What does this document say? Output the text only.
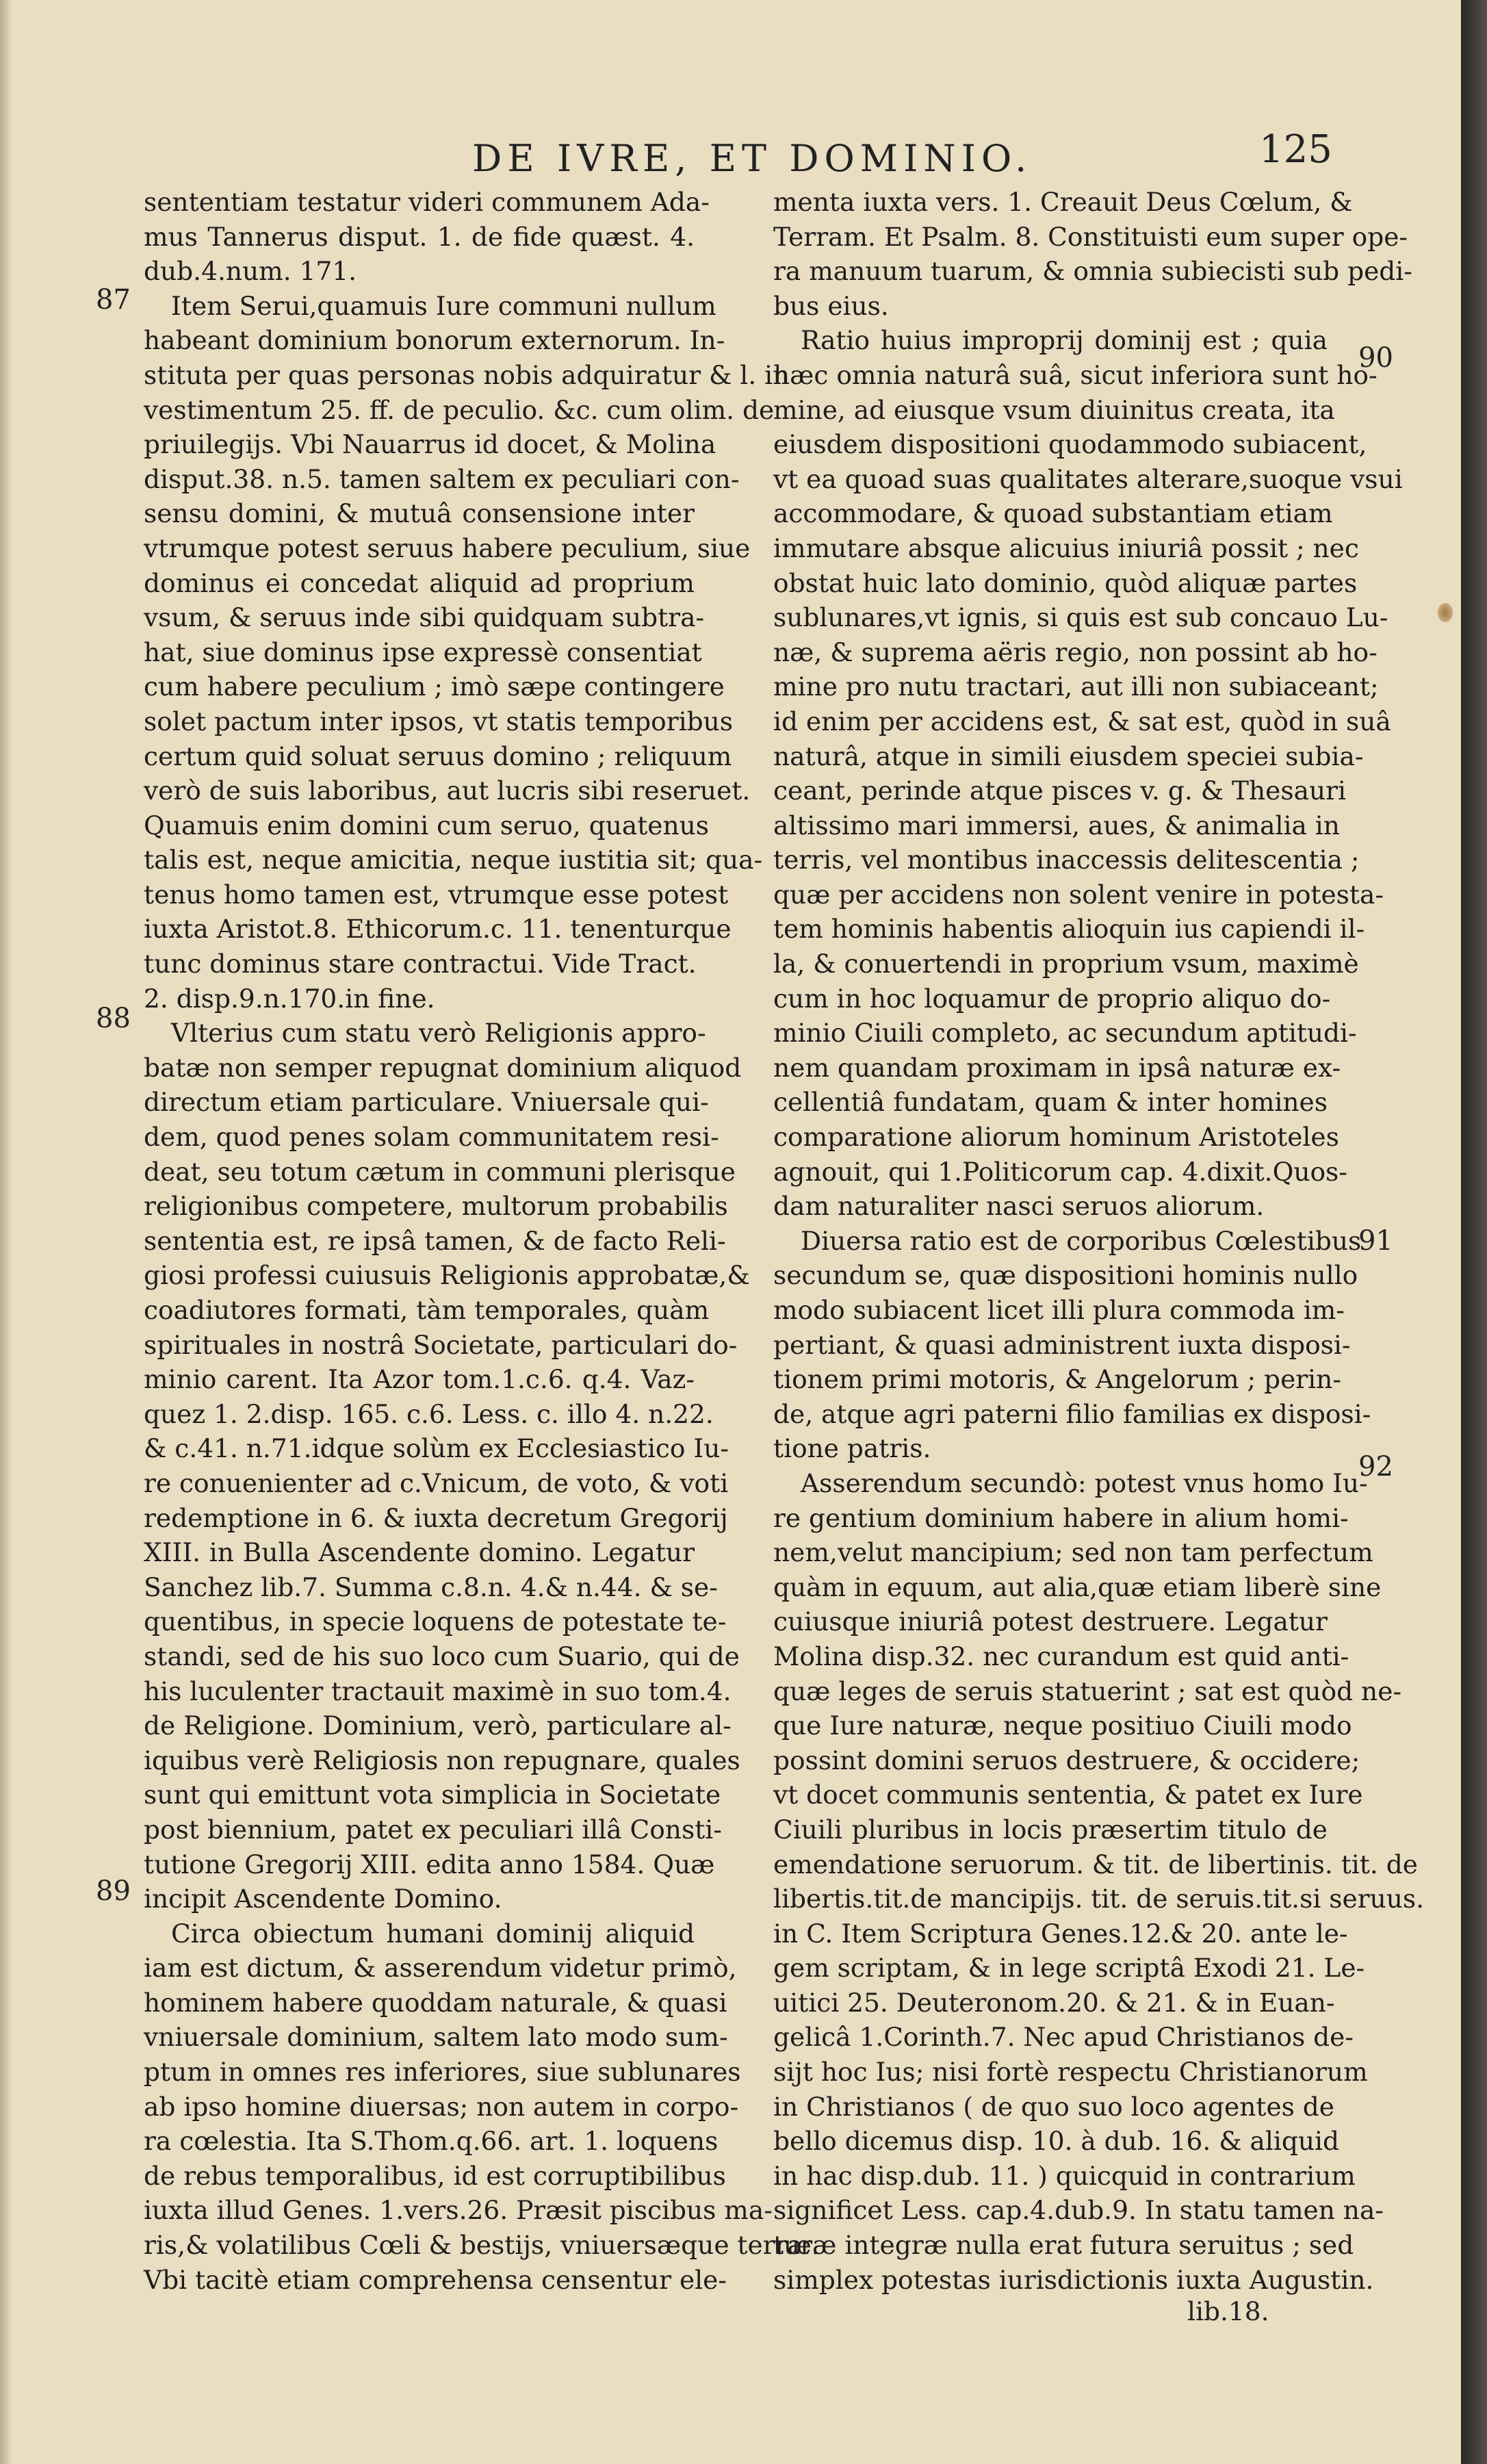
DE IVRE, ET DOMINIO.	125
87
88
89
90
91
92
sententiam testatur videri communem Ada-
mus Tannerus disput. 1. de fide quæst. 4.
dub.4.num. 171.
Item Serui,quamuis Iure communi nullum
habeant dominium bonorum externorum. In-
stituta per quas personas nobis adquiratur & l. in
vestimentum 25. ff. de peculio. &c. cum olim. de
priuilegijs. Vbi Nauarrus id docet, & Molina
disput.38. n.5. tamen saltem ex peculiari con-
sensu domini, & mutuâ consensione inter
vtrumque potest seruus habere peculium, siue
dominus ei concedat aliquid ad proprium
vsum, & seruus inde sibi quidquam subtra-
hat, siue dominus ipse expressè consentiat
cum habere peculium ; imò sæpe contingere
solet pactum inter ipsos, vt statis temporibus
certum quid soluat seruus domino ; reliquum
verò de suis laboribus, aut lucris sibi reseruet.
Quamuis enim domini cum seruo, quatenus
talis est, neque amicitia, neque iustitia sit; qua-
tenus homo tamen est, vtrumque esse potest
iuxta Aristot.8. Ethicorum.c. 11. tenenturque
tunc dominus stare contractui. Vide Tract.
2. disp.9.n.170.in fine.
Vlterius cum statu verò Religionis appro-
batæ non semper repugnat dominium aliquod
directum etiam particulare. Vniuersale qui-
dem, quod penes solam communitatem resi-
deat, seu totum cætum in communi plerisque
religionibus competere, multorum probabilis
sententia est, re ipsâ tamen, & de facto Reli-
giosi professi cuiusuis Religionis approbatæ,&
coadiutores formati, tàm temporales, quàm
spirituales in nostrâ Societate, particulari do-
minio carent. Ita Azor tom.1.c.6. q.4. Vaz-
quez 1. 2.disp. 165. c.6. Less. c. illo 4. n.22.
& c.41. n.71.idque solùm ex Ecclesiastico Iu-
re conuenienter ad c.Vnicum, de voto, & voti
redemptione in 6. & iuxta decretum Gregorij
XIII. in Bulla Ascendente domino. Legatur
Sanchez lib.7. Summa c.8.n. 4.& n.44. & se-
quentibus, in specie loquens de potestate te-
standi, sed de his suo loco cum Suario, qui de
his luculenter tractauit maximè in suo tom.4.
de Religione. Dominium, verò, particulare al-
iquibus verè Religiosis non repugnare, quales
sunt qui emittunt vota simplicia in Societate
post biennium, patet ex peculiari illâ Consti-
tutione Gregorij XIII. edita anno 1584. Quæ
incipit Ascendente Domino.
Circa obiectum humani dominij aliquid
iam est dictum, & asserendum videtur primò,
hominem habere quoddam naturale, & quasi
vniuersale dominium, saltem lato modo sum-
ptum in omnes res inferiores, siue sublunares
ab ipso homine diuersas; non autem in corpo-
ra cœlestia. Ita S.Thom.q.66. art. 1. loquens
de rebus temporalibus, id est corruptibilibus
iuxta illud Genes. 1.vers.26. Præsit piscibus ma-
ris,& volatilibus Cœli & bestijs, vniuersæque terræ.
Vbi tacitè etiam comprehensa censentur ele-
menta iuxta vers. 1. Creauit Deus Cœlum, &
Terram. Et Psalm. 8. Constituisti eum super ope-
ra manuum tuarum, & omnia subiecisti sub pedi-
bus eius.
Ratio huius improprij dominij est ; quia
hæc omnia naturâ suâ, sicut inferiora sunt ho-
mine, ad eiusque vsum diuinitus creata, ita
eiusdem dispositioni quodammodo subiacent,
vt ea quoad suas qualitates alterare,suoque vsui
accommodare, & quoad substantiam etiam
immutare absque alicuius iniuriâ possit ; nec
obstat huic lato dominio, quòd aliquæ partes
sublunares,vt ignis, si quis est sub concauo Lu-
næ, & suprema aëris regio, non possint ab ho-
mine pro nutu tractari, aut illi non subiaceant;
id enim per accidens est, & sat est, quòd in suâ
naturâ, atque in simili eiusdem speciei subia-
ceant, perinde atque pisces v. g. & Thesauri
altissimo mari immersi, aues, & animalia in
terris, vel montibus inaccessis delitescentia ;
quæ per accidens non solent venire in potesta-
tem hominis habentis alioquin ius capiendi il-
la, & conuertendi in proprium vsum, maximè
cum in hoc loquamur de proprio aliquo do-
minio Ciuili completo, ac secundum aptitudi-
nem quandam proximam in ipsâ naturæ ex-
cellentiâ fundatam, quam & inter homines
comparatione aliorum hominum Aristoteles
agnouit, qui 1.Politicorum cap. 4.dixit.Quos-
dam naturaliter nasci seruos aliorum.
Diuersa ratio est de corporibus Cœlestibus
secundum se, quæ dispositioni hominis nullo
modo subiacent licet illi plura commoda im-
pertiant, & quasi administrent iuxta disposi-
tionem primi motoris, & Angelorum ; perin-
de, atque agri paterni filio familias ex disposi-
tione patris.
Asserendum secundò: potest vnus homo Iu-
re gentium dominium habere in alium homi-
nem,velut mancipium; sed non tam perfectum
quàm in equum, aut alia,quæ etiam liberè sine
cuiusque iniuriâ potest destruere. Legatur
Molina disp.32. nec curandum est quid anti-
quæ leges de seruis statuerint ; sat est quòd ne-
que Iure naturæ, neque positiuo Ciuili modo
possint domini seruos destruere, & occidere;
vt docet communis sententia, & patet ex Iure
Ciuili pluribus in locis præsertim titulo de
emendatione seruorum. & tit. de libertinis. tit. de
libertis.tit.de mancipijs. tit. de seruis.tit.si seruus.
in C. Item Scriptura Genes.12.& 20. ante le-
gem scriptam, & in lege scriptâ Exodi 21. Le-
uitici 25. Deuteronom.20. & 21. & in Euan-
gelicâ 1.Corinth.7. Nec apud Christianos de-
sijt hoc Ius; nisi fortè respectu Christianorum
in Christianos ( de quo suo loco agentes de
bello dicemus disp. 10. à dub. 16. & aliquid
in hac disp.dub. 11. ) quicquid in contrarium
significet Less. cap.4.dub.9. In statu tamen na-
turæ integræ nulla erat futura seruitus ; sed
simplex potestas iurisdictionis iuxta Augustin.
lib.18.
